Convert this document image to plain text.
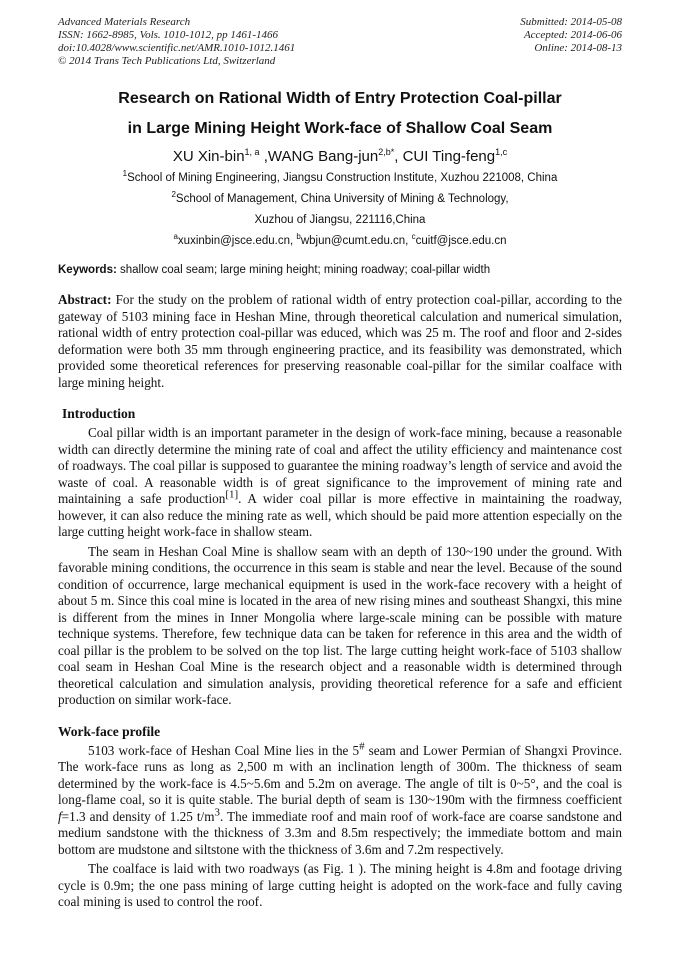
Advanced Materials Research
ISSN: 1662-8985, Vols. 1010-1012, pp 1461-1466
doi:10.4028/www.scientific.net/AMR.1010-1012.1461
© 2014 Trans Tech Publications Ltd, Switzerland
Submitted: 2014-05-08
Accepted: 2014-06-06
Online: 2014-08-13
Research on Rational Width of Entry Protection Coal-pillar
in Large Mining Height Work-face of Shallow Coal Seam
XU Xin-bin$^{1, a}$ ,WANG Bang-jun$^{2,b*}$, CUI Ting-feng$^{1,c}$
$^1$School of Mining Engineering, Jiangsu Construction Institute, Xuzhou 221008, China
$^2$School of Management, China University of Mining & Technology,
Xuzhou of Jiangsu, 221116,China
$^a$xuxinbin@jsce.edu.cn, $^b$wbjun@cumt.edu.cn, $^c$cuitf@jsce.edu.cn
Keywords: shallow coal seam; large mining height; mining roadway; coal-pillar width

Abstract: For the study on the problem of rational width of entry protection coal-pillar, according to the gateway of 5103 mining face in Heshan Mine, through theoretical calculation and numerical simulation, rational width of entry protection coal-pillar was educed, which was 25 m. The roof and floor and 2-sides deformation were both 35 mm through engineering practice, and its feasibility was demonstrated, which provided some theoretical references for preserving reasonable coal-pillar for the similar coalface with large mining height.

Introduction

Coal pillar width is an important parameter in the design of work-face mining, because a reasonable width can directly determine the mining rate of coal and affect the utility efficiency and maintenance cost of roadways. The coal pillar is supposed to guarantee the mining roadway’s length of service and avoid the waste of coal. A reasonable width is of great significance to the improvement of mining rate and maintaining a safe production[1]. A wider coal pillar is more effective in maintaining the roadway, however, it can also reduce the mining rate as well, which should be paid more attention especially on the large cutting height work-face in shallow steam.

The seam in Heshan Coal Mine is shallow seam with an depth of 130~190 under the ground. With favorable mining conditions, the occurrence in this seam is stable and near the level. Because of the sound condition of occurrence, large mechanical equipment is used in the work-face recovery with a height of about 5 m. Since this coal mine is located in the area of new rising mines and southeast Shangxi, this mine is different from the mines in Inner Mongolia where large-scale mining can be possible with mature technique systems. Therefore, few technique data can be taken for reference in this area and the width of coal pillar is the problem to be solved on the top list. The large cutting height work-face of 5103 shallow coal seam in Heshan Coal Mine is the research object and a reasonable width is determined through theoretical calculation and simulation analysis, providing theoretical reference for a safe and efficient production on similar work-face.

Work-face profile

5103 work-face of Heshan Coal Mine lies in the 5# seam and Lower Permian of Shangxi Province. The work-face runs as long as 2,500 m with an inclination length of 300m. The thickness of seam determined by the work-face is 4.5~5.6m and 5.2m on average. The angle of tilt is 0~5°, and the coal is long-flame coal, so it is quite stable. The burial depth of seam is 130~190m with the firmness coefficient f=1.3 and density of 1.25 $t/m^3$. The immediate roof and main roof of work-face are coarse sandstone and medium sandstone with the thickness of 3.3m and 8.5m respectively; the immediate bottom and main bottom are mudstone and siltstone with the thickness of 3.6m and 7.2m respectively.

The coalface is laid with two roadways (as Fig. 1 ). The mining height is 4.8m and footage driving cycle is 0.9m; the one pass mining of large cutting height is adopted on the work-face and fully caving coal mining is used to control the roof.
